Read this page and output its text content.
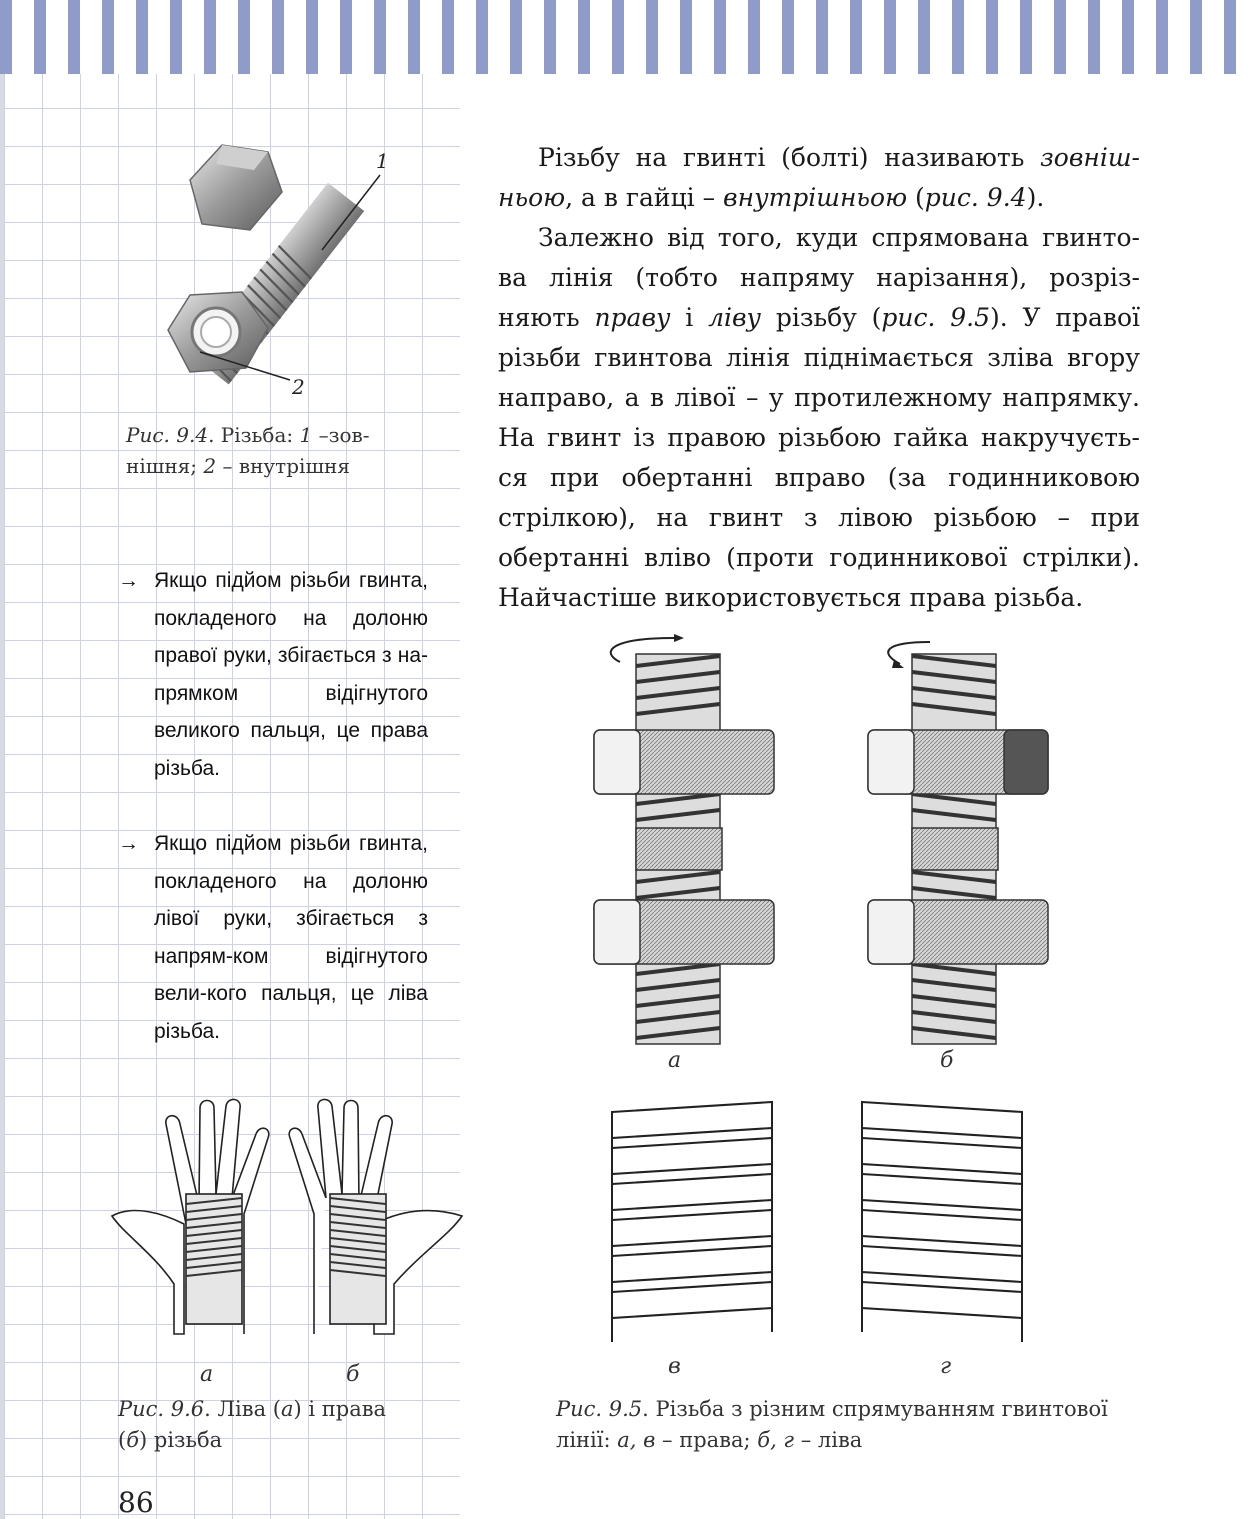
1
2
Рис. 9.4. Різьба: 1 –зов-
нішня; 2 – внутрішня
→ Якщо підйом різьби гвинта, покладеного на долоню правої руки, збігається з на-прямком відігнутого великого пальця, це права різьба.
→ Якщо підйом різьби гвинта, покладеного на долоню лівої руки, збігається з напрям-ком відігнутого вели-кого пальця, це ліва різьба.
а	б
Рис. 9.6. Ліва (а) і права
(б) різьба
86

Різьбу на гвинті (болті) називають зовніш-ньою, а в гайці – внутрішньою (рис. 9.4).

Залежно від того, куди спрямована гвинто-ва лінія (тобто напряму нарізання), розріз-няють праву і ліву різьбу (рис. 9.5). У правої різьби гвинтова лінія піднімається зліва вгору направо, а в лівої – у протилежному напрямку. На гвинт із правою різьбою гайка накручуєть-ся при обертанні вправо (за годинниковою стрілкою), на гвинт з лівою різьбою – при обертанні вліво (проти годинникової стрілки). Найчастіше використовується права різьба.

а	б
в	г
Рис. 9.5. Різьба з різним спрямуванням гвинтової
лінії: а, в – права; б, г – ліва
